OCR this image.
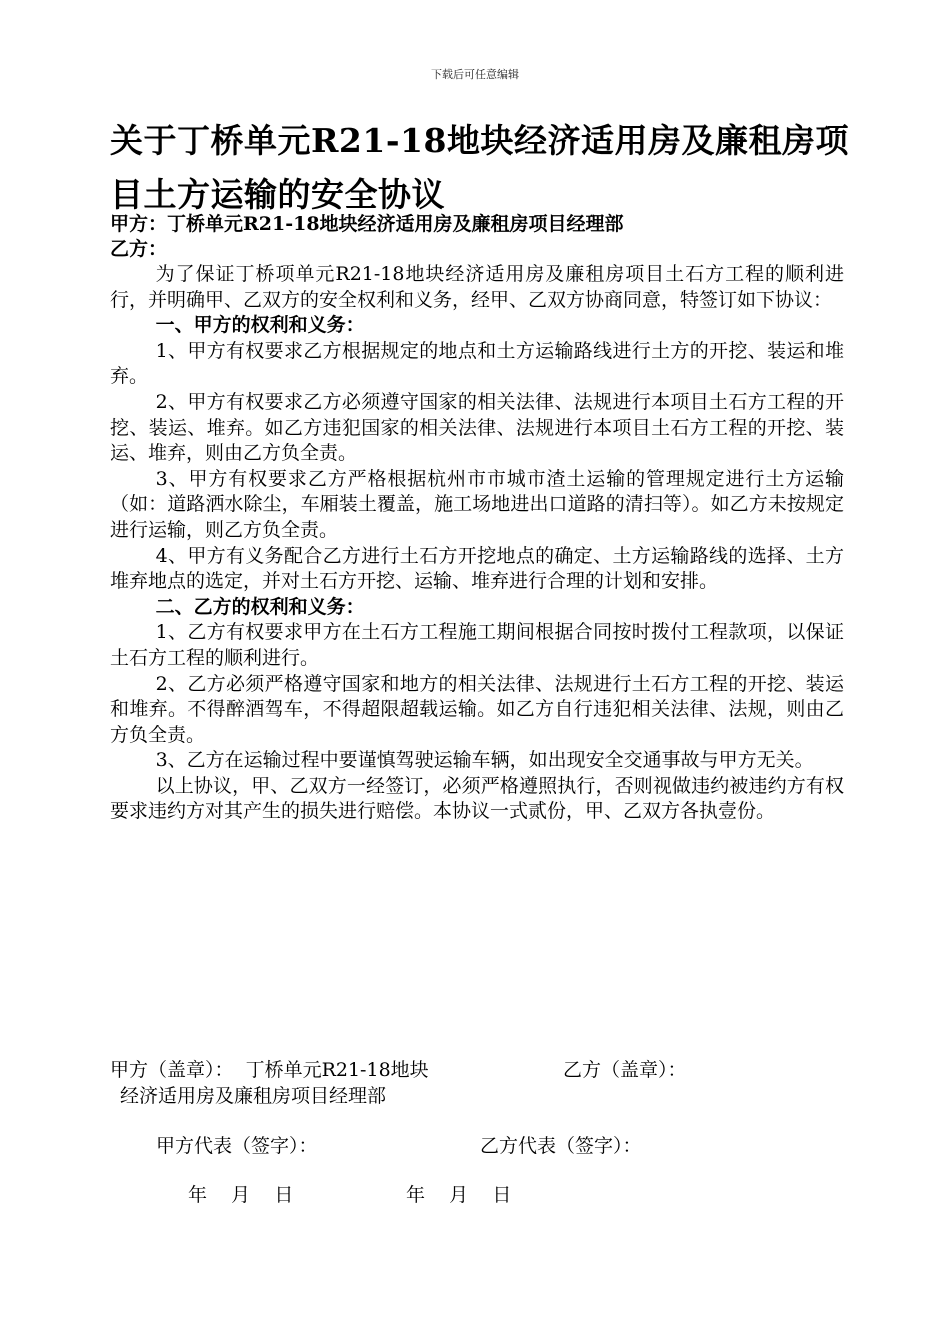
下载后可任意编辑
关于丁桥单元R21-18地块经济适用房及廉租房项目土方运输的安全协议
甲方：丁桥单元R21-18地块经济适用房及廉租房项目经理部
乙方：

为了保证丁桥项单元R21-18地块经济适用房及廉租房项目土石方工程的顺利进行，并明确甲、乙双方的安全权利和义务，经甲、乙双方协商同意，特签订如下协议：

一、甲方的权利和义务：

1、甲方有权要求乙方根据规定的地点和土方运输路线进行土方的开挖、装运和堆弃。

2、甲方有权要求乙方必须遵守国家的相关法律、法规进行本项目土石方工程的开挖、装运、堆弃。如乙方违犯国家的相关法律、法规进行本项目土石方工程的开挖、装运、堆弃，则由乙方负全责。

3、甲方有权要求乙方严格根据杭州市市城市渣土运输的管理规定进行土方运输（如：道路洒水除尘，车厢装土覆盖，施工场地进出口道路的清扫等）。如乙方未按规定进行运输，则乙方负全责。

4、甲方有义务配合乙方进行土石方开挖地点的确定、土方运输路线的选择、土方堆弃地点的选定，并对土石方开挖、运输、堆弃进行合理的计划和安排。

二、乙方的权利和义务：

1、乙方有权要求甲方在土石方工程施工期间根据合同按时拨付工程款项，以保证土石方工程的顺利进行。

2、乙方必须严格遵守国家和地方的相关法律、法规进行土石方工程的开挖、装运和堆弃。不得醉酒驾车，不得超限超载运输。如乙方自行违犯相关法律、法规，则由乙方负全责。

3、乙方在运输过程中要谨慎驾驶运输车辆，如出现安全交通事故与甲方无关。

以上协议，甲、乙双方一经签订，必须严格遵照执行，否则视做违约被违约方有权要求违约方对其产生的损失进行赔偿。本协议一式贰份，甲、乙双方各执壹份。

甲方（盖章）：  丁桥单元R21-18地块
经济适用房及廉租房项目经理部
乙方（盖章）：
甲方代表（签字）：	乙方代表（签字）：
年    月    日	年    月    日
